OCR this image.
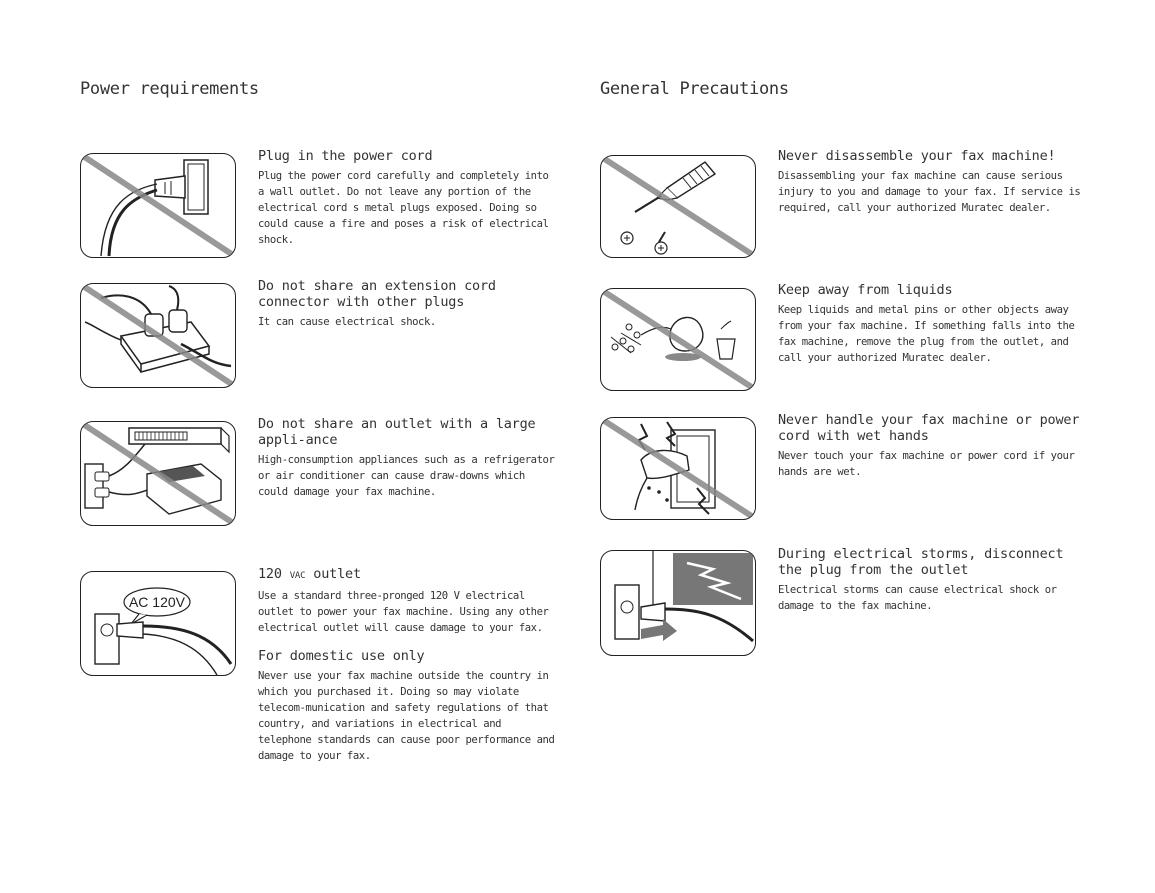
Power requirements	General Precautions
Plug in the power cord

Plug the power cord carefully and completely into a wall outlet. Do not leave any portion of the electrical cord s metal plugs exposed. Doing so could cause a fire and poses a risk of electrical shock.

Do not share an extension cord connector with other plugs

It can cause electrical shock.

Do not share an outlet with a large appli-ance

High-consumption appliances such as a refrigerator or air conditioner can cause draw-downs which could damage your fax machine.

AC 120V
120 VAC outlet

Use a standard three-pronged 120 V electrical outlet to power your fax machine. Using any other electrical outlet will cause damage to your fax.

For domestic use only

Never use your fax machine outside the country in which you purchased it. Doing so may violate telecom-munication and safety regulations of that country, and variations in electrical and telephone standards can cause poor performance and damage to your fax.

Never disassemble your fax machine!

Disassembling your fax machine can cause serious injury to you and damage to your fax. If service is required, call your authorized Muratec dealer.

Keep away from liquids

Keep liquids and metal pins or other objects away from your fax machine. If something falls into the fax machine, remove the plug from the outlet, and call your authorized Muratec dealer.

Never handle your fax machine or power cord with wet hands

Never touch your fax machine or power cord if your hands are wet.

During electrical storms, disconnect the plug from the outlet

Electrical storms can cause electrical shock or damage to the fax machine.
